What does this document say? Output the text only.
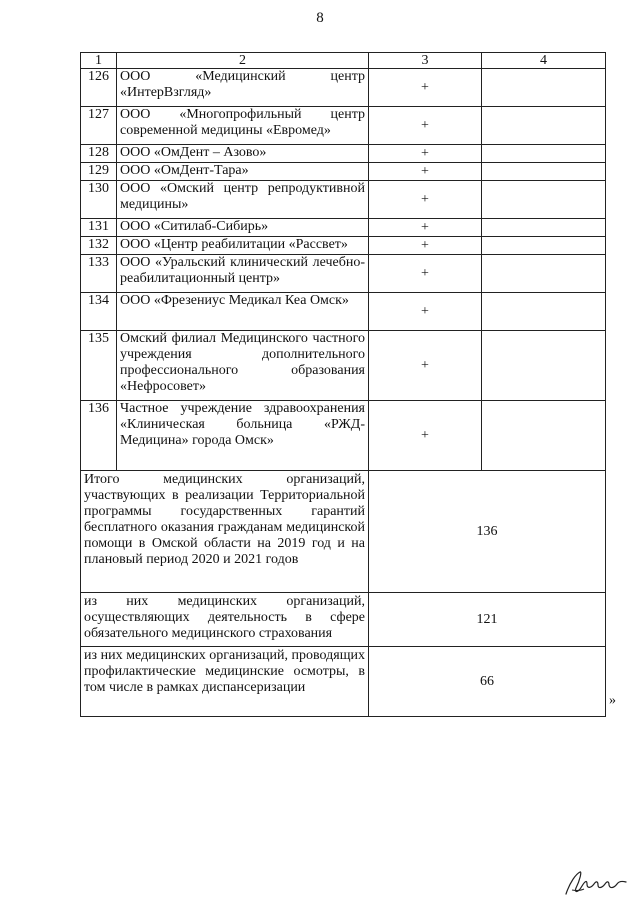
8
1	2	3	4
126	ООО «Медицинский центр «ИнтерВзгляд»	+	
127	ООО «Многопрофильный центр современной медицины «Евромед»	+	
128	ООО «ОмДент – Азово»	+	
129	ООО «ОмДент-Тара»	+	
130	ООО «Омский центр репродуктивной медицины»	+	
131	ООО «Ситилаб-Сибирь»	+	
132	ООО «Центр реабилитации «Рассвет»	+	
133	ООО «Уральский клинический лечебно-реабилитационный центр»	+	
134	ООО «Фрезениус Медикал Кеа Омск»	+	
135	Омский филиал Медицинского частного учреждения дополнительного профессионального образования «Нефросовет»	+	
136	Частное учреждение здравоохранения «Клиническая больница «РЖД-Медицина» города Омск»	+	
Итого медицинских организаций, участвующих в реализации Территориальной программы государственных гарантий бесплатного оказания гражданам медицинской помощи в Омской области на 2019 год и на плановый период 2020 и 2021 годов		136	
из них медицинских организаций, осуществляющих деятельность в сфере обязательного медицинского страхования		121	
из них медицинских организаций, проводящих профилактические медицинские осмотры, в том числе в рамках диспансеризации		66	
»
